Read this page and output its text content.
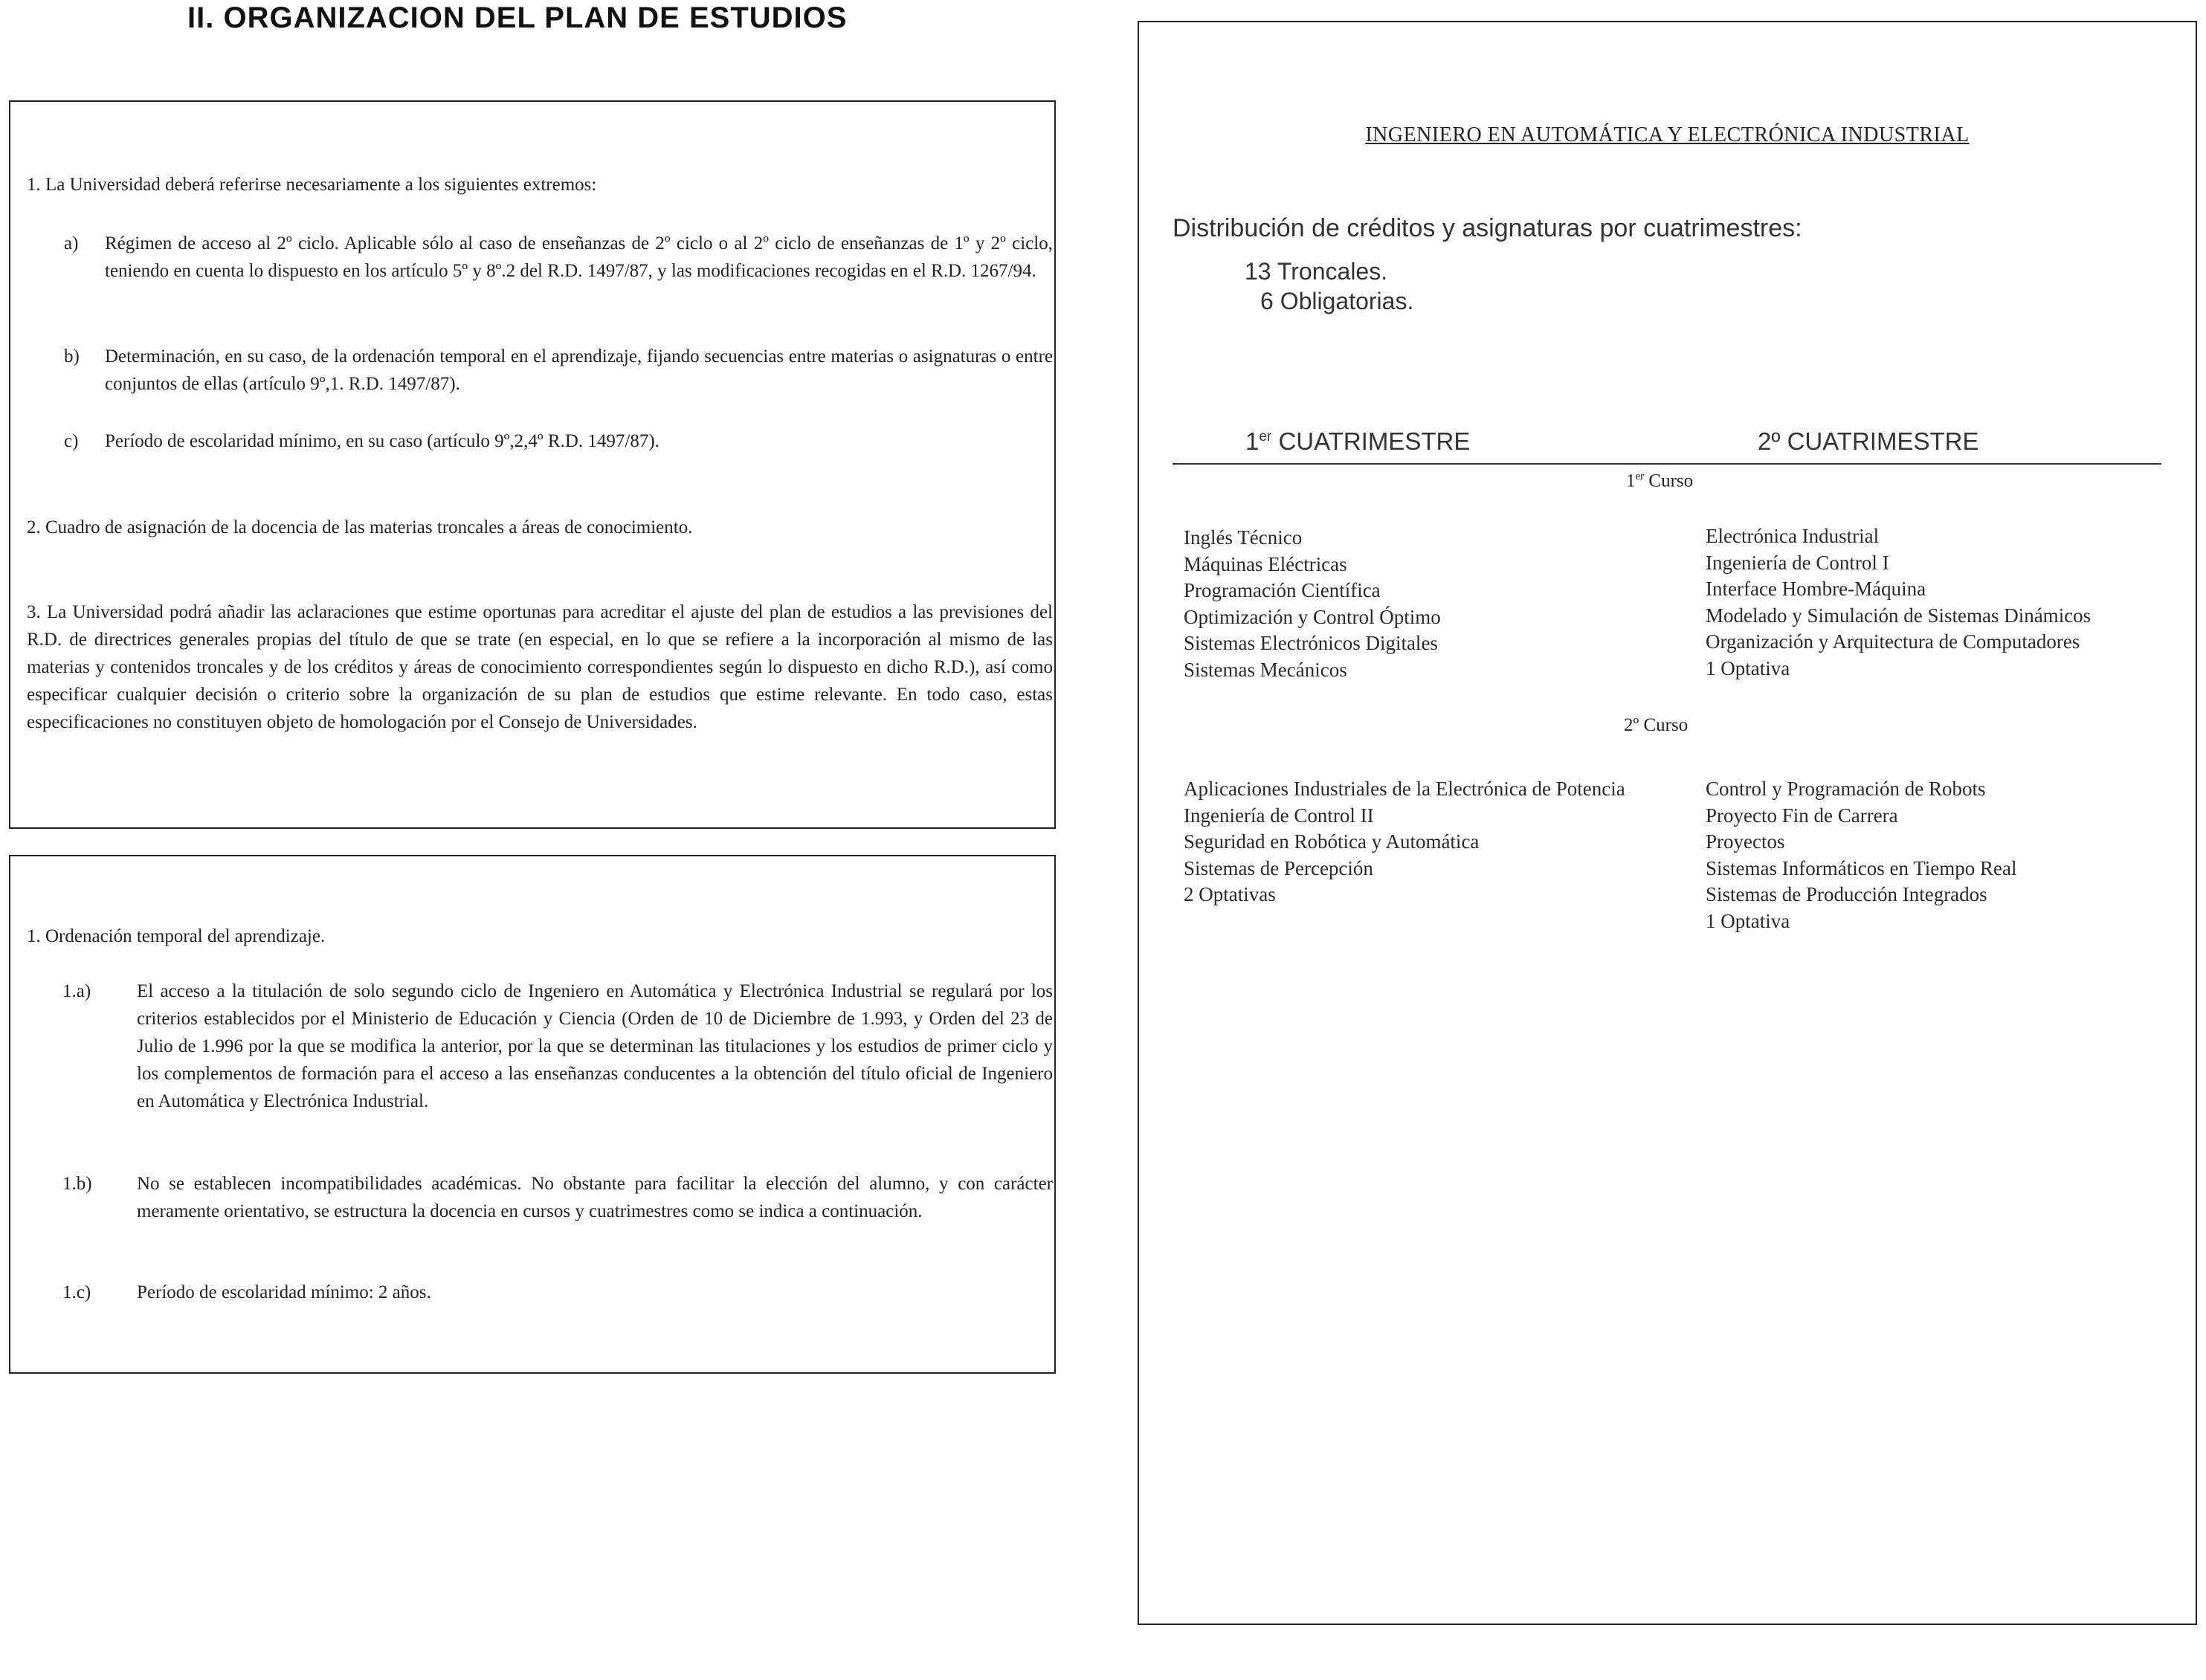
II. ORGANIZACION DEL PLAN DE ESTUDIOS
1. La Universidad deberá referirse necesariamente a los siguientes extremos:
a) Régimen de acceso al 2º ciclo. Aplicable sólo al caso de enseñanzas de 2º ciclo o al 2º ciclo de enseñanzas de 1º y 2º ciclo, teniendo en cuenta lo dispuesto en los artículo 5º y 8º.2 del R.D. 1497/87, y las modificaciones recogidas en el R.D. 1267/94.
b) Determinación, en su caso, de la ordenación temporal en el aprendizaje, fijando secuencias entre materias o asignaturas o entre conjuntos de ellas (artículo 9º,1. R.D. 1497/87).
c) Período de escolaridad mínimo, en su caso (artículo 9º,2,4º R.D. 1497/87).
2. Cuadro de asignación de la docencia de las materias troncales a áreas de conocimiento.
3. La Universidad podrá añadir las aclaraciones que estime oportunas para acreditar el ajuste del plan de estudios a las previsiones del R.D. de directrices generales propias del título de que se trate (en especial, en lo que se refiere a la incorporación al mismo de las materias y contenidos troncales y de los créditos y áreas de conocimiento correspondientes según lo dispuesto en dicho R.D.), así como especificar cualquier decisión o criterio sobre la organización de su plan de estudios que estime relevante. En todo caso, estas especificaciones no constituyen objeto de homologación por el Consejo de Universidades.
1. Ordenación temporal del aprendizaje.
1.a) El acceso a la titulación de solo segundo ciclo de Ingeniero en Automática y Electrónica Industrial se regulará por los criterios establecidos por el Ministerio de Educación y Ciencia (Orden de 10 de Diciembre de 1.993, y Orden del 23 de Julio de 1.996 por la que se modifica la anterior, por la que se determinan las titulaciones y los estudios de primer ciclo y los complementos de formación para el acceso a las enseñanzas conducentes a la obtención del título oficial de Ingeniero en Automática y Electrónica Industrial.
1.b) No se establecen incompatibilidades académicas. No obstante para facilitar la elección del alumno, y con carácter meramente orientativo, se estructura la docencia en cursos y cuatrimestres como se indica a continuación.
1.c) Período de escolaridad mínimo: 2 años.
INGENIERO EN AUTOMÁTICA Y ELECTRÓNICA INDUSTRIAL
Distribución de créditos y asignaturas por cuatrimestres:
13 Troncales.
6 Obligatorias.
1er CUATRIMESTRE	2º CUATRIMESTRE
1er Curso
Inglés Técnico
Máquinas Eléctricas
Programación Científica
Optimización y Control Óptimo
Sistemas Electrónicos Digitales
Sistemas Mecánicos
Electrónica Industrial
Ingeniería de Control I
Interface Hombre-Máquina
Modelado y Simulación de Sistemas Dinámicos
Organización y Arquitectura de Computadores
1 Optativa
2º Curso
Aplicaciones Industriales de la Electrónica de Potencia
Ingeniería de Control II
Seguridad en Robótica y Automática
Sistemas de Percepción
2 Optativas
Control y Programación de Robots
Proyecto Fin de Carrera
Proyectos
Sistemas Informáticos en Tiempo Real
Sistemas de Producción Integrados
1 Optativa
